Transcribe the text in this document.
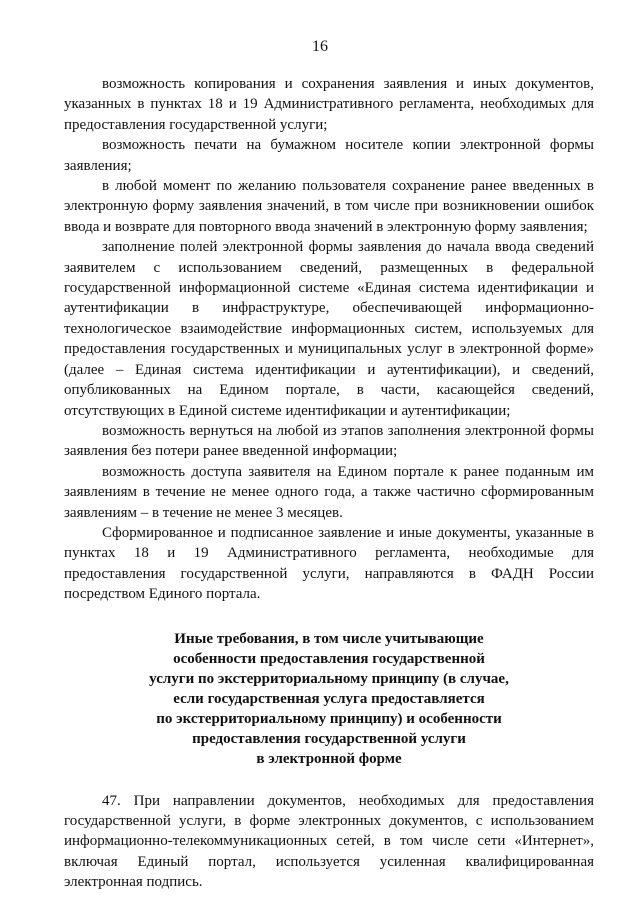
16

возможность копирования и сохранения заявления и иных документов, указанных в пунктах 18 и 19 Административного регламента, необходимых для предоставления государственной услуги;

возможность печати на бумажном носителе копии электронной формы заявления;

в любой момент по желанию пользователя сохранение ранее введенных в электронную форму заявления значений, в том числе при возникновении ошибок ввода и возврате для повторного ввода значений в электронную форму заявления;

заполнение полей электронной формы заявления до начала ввода сведений заявителем с использованием сведений, размещенных в федеральной государственной информационной системе «Единая система идентификации и аутентификации в инфраструктуре, обеспечивающей информационно-технологическое взаимодействие информационных систем, используемых для предоставления государственных и муниципальных услуг в электронной форме» (далее – Единая система идентификации и аутентификации), и сведений, опубликованных на Едином портале, в части, касающейся сведений, отсутствующих в Единой системе идентификации и аутентификации;

возможность вернуться на любой из этапов заполнения электронной формы заявления без потери ранее введенной информации;

возможность доступа заявителя на Едином портале к ранее поданным им заявлениям в течение не менее одного года, а также частично сформированным заявлениям – в течение не менее 3 месяцев.

Сформированное и подписанное заявление и иные документы, указанные в пунктах 18 и 19 Административного регламента, необходимые для предоставления государственной услуги, направляются в ФАДН России посредством Единого портала.

Иные требования, в том числе учитывающие
особенности предоставления государственной
услуги по экстерриториальному принципу (в случае,
если государственная услуга предоставляется
по экстерриториальному принципу) и особенности
предоставления государственной услуги
в электронной форме

47. При направлении документов, необходимых для предоставления государственной услуги, в форме электронных документов, с использованием информационно-телекоммуникационных сетей, в том числе сети «Интернет», включая Единый портал, используется усиленная квалифицированная электронная подпись.
